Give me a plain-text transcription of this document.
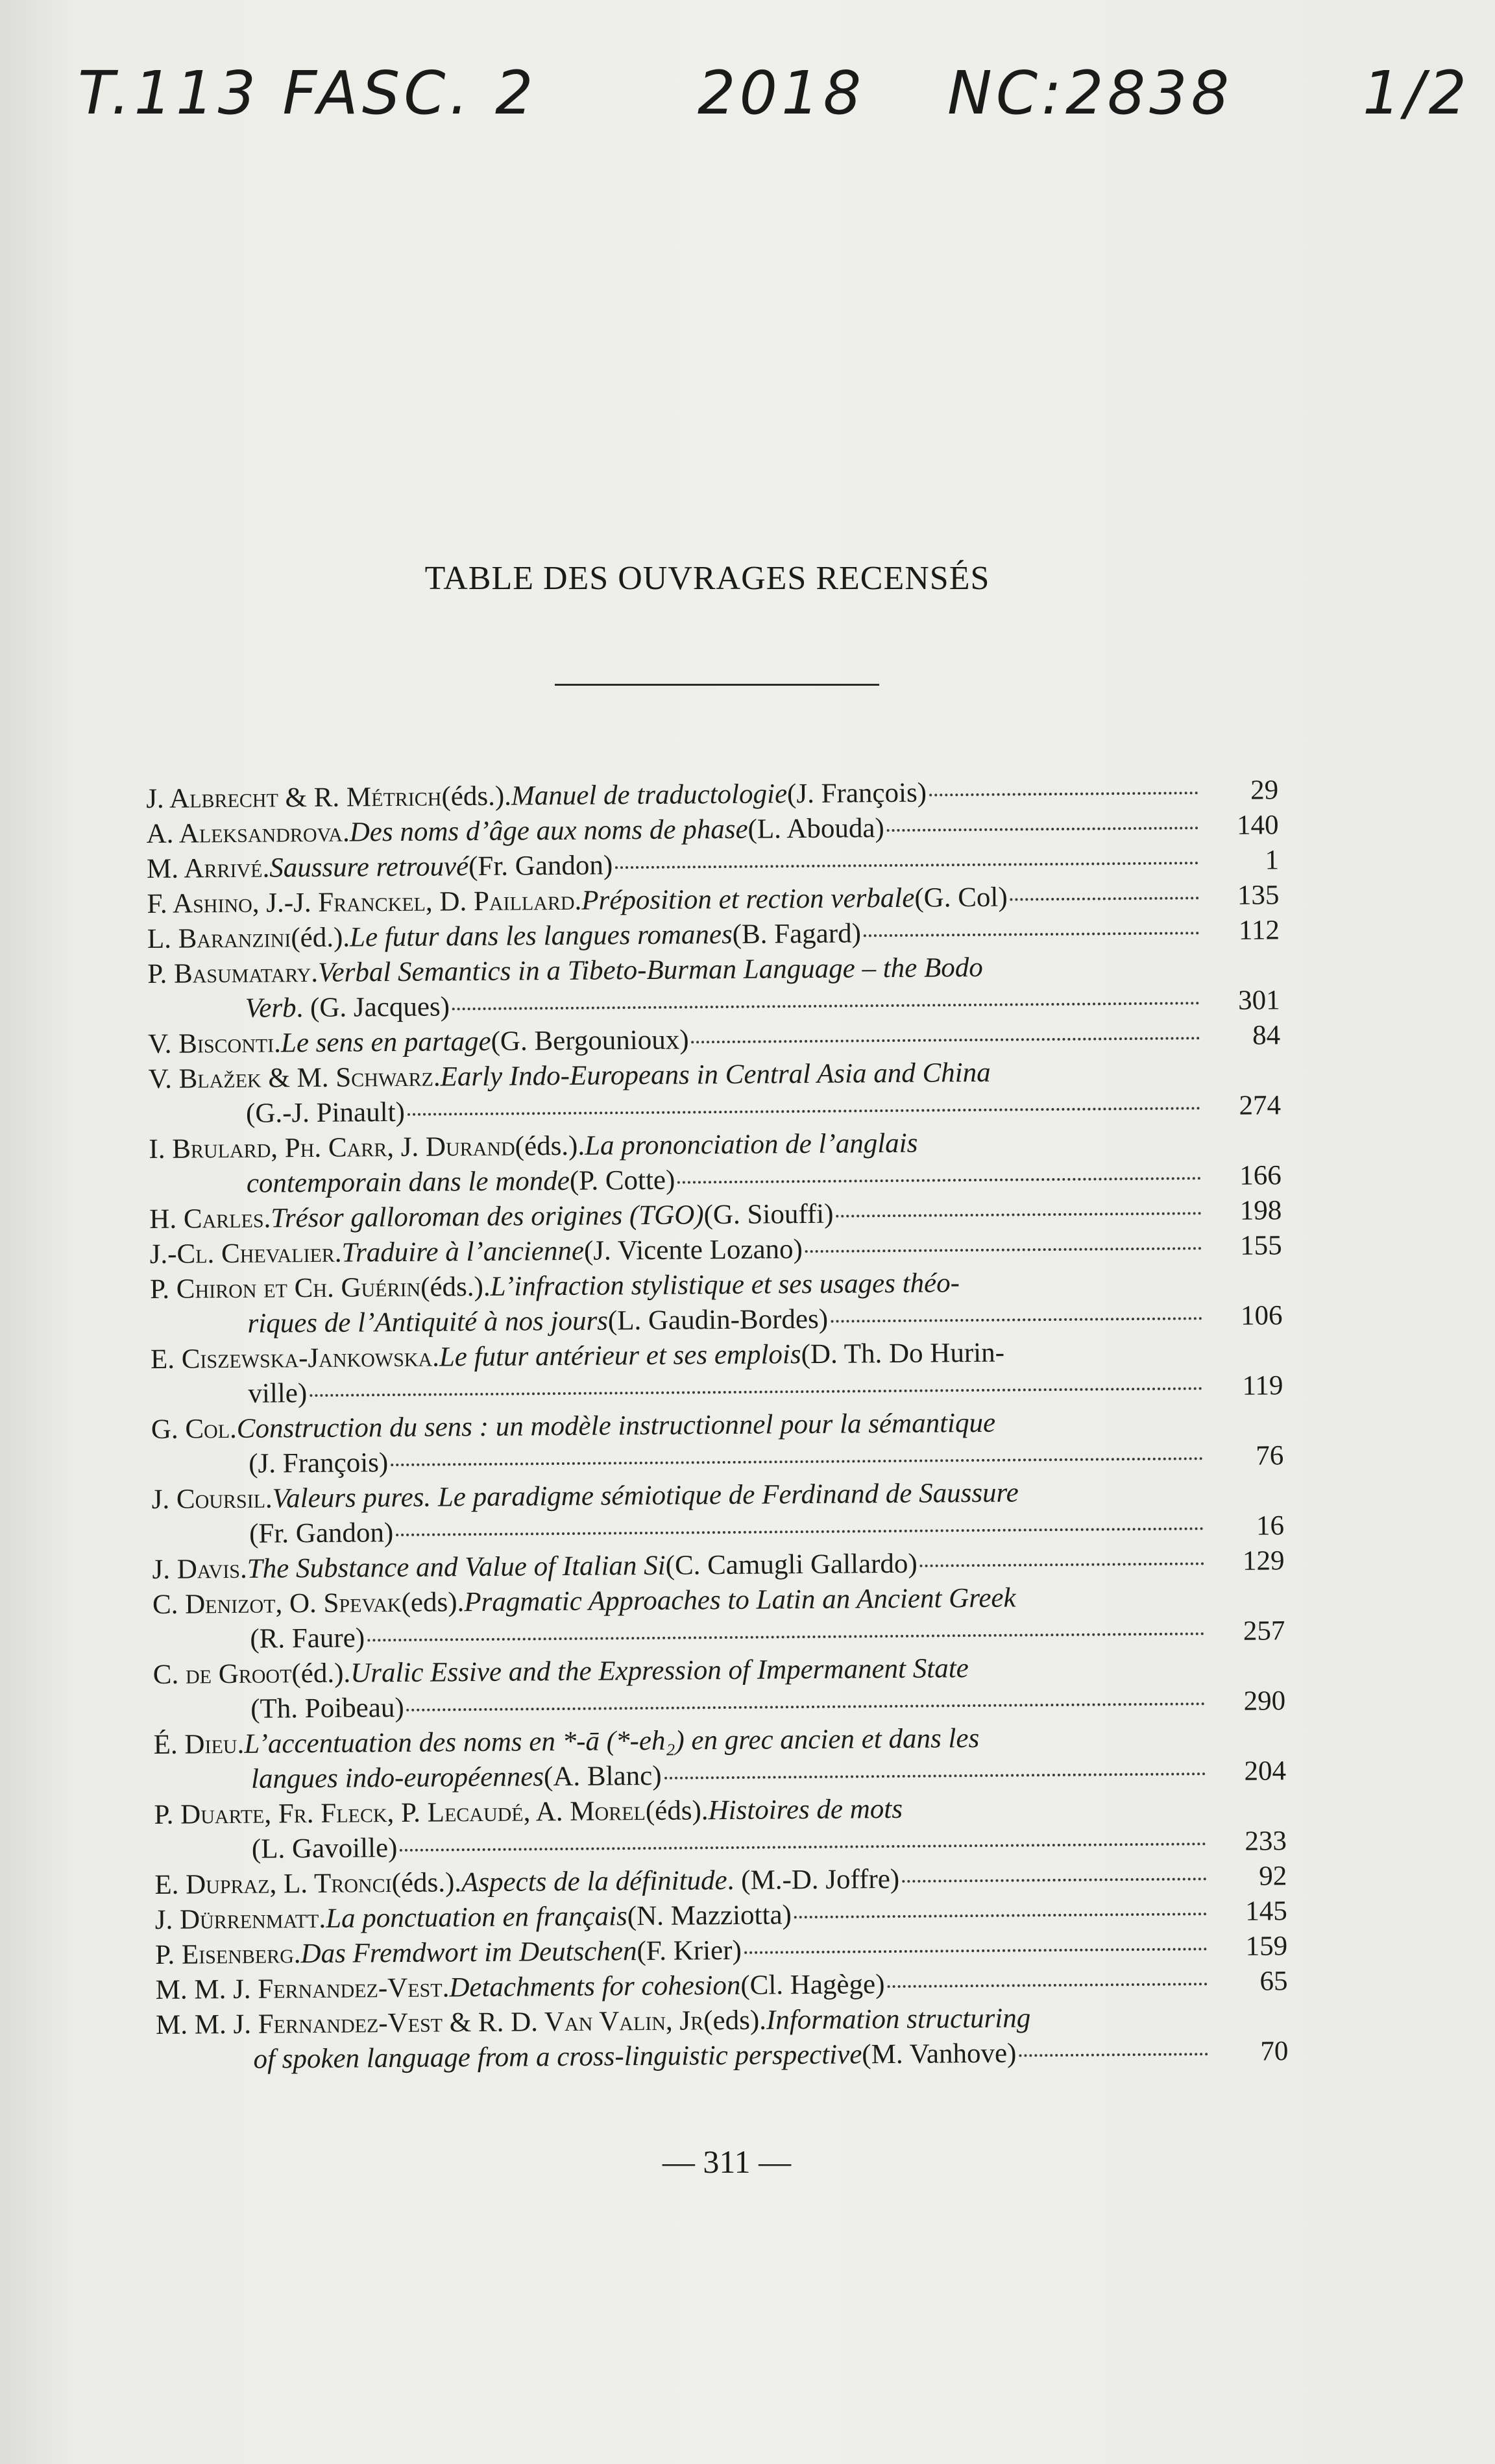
T.113 FASC. 2	2018 NC:2838 1/2
TABLE DES OUVRAGES RECENSÉS
J. Albrecht & R. Métrich (éds.). Manuel de traductologie (J. François)	29
A. Aleksandrova . Des noms d’âge aux noms de phase (L. Abouda)	140
M. Arrivé . Saussure retrouvé (Fr. Gandon)	1
F. Ashino, J.-J. Franckel, D. Paillard . Préposition et rection verbale (G. Col)	135
L. Baranzini (éd.). Le futur dans les langues romanes (B. Fagard)	112
P. Basumatary . Verbal Semantics in a Tibeto-Burman Language – the Bodo
Verb . (G. Jacques)	301
V. Bisconti . Le sens en partage (G. Bergounioux)	84
V. Blažek & M. Schwarz . Early Indo-Europeans in Central Asia and China
(G.-J. Pinault)	274
I. Brulard, Ph. Carr, J. Durand (éds.). La prononciation de l’anglais
contemporain dans le monde (P. Cotte)	166
H. Carles . Trésor galloroman des origines (TGO) (G. Siouffi)	198
J.-Cl. Chevalier . Traduire à l’ancienne (J. Vicente Lozano)	155
P. Chiron et Ch. Guérin (éds.). L’infraction stylistique et ses usages théo-
riques de l’Antiquité à nos jours (L. Gaudin-Bordes)	106
E. Ciszewska-Jankowska . Le futur antérieur et ses emplois (D. Th. Do Hurin-
ville)	119
G. Col . Construction du sens : un modèle instructionnel pour la sémantique
(J. François)	76
J. Coursil . Valeurs pures. Le paradigme sémiotique de Ferdinand de Saussure
(Fr. Gandon)	16
J. Davis . The Substance and Value of Italian Si (C. Camugli Gallardo)	129
C. Denizot, O. Spevak (eds). Pragmatic Approaches to Latin an Ancient Greek
(R. Faure)	257
C. de Groot (éd.). Uralic Essive and the Expression of Impermanent State
(Th. Poibeau)	290
É. Dieu . L’accentuation des noms en *-ā (*-eh₂) en grec ancien et dans les
langues indo-européennes (A. Blanc)	204
P. Duarte, Fr. Fleck, P. Lecaudé, A. Morel (éds). Histoires de mots
(L. Gavoille)	233
E. Dupraz, L. Tronci (éds.). Aspects de la définitude . (M.-D. Joffre)	92
J. Dürrenmatt . La ponctuation en français (N. Mazziotta)	145
P. Eisenberg . Das Fremdwort im Deutschen (F. Krier)	159
M. M. J. Fernandez-Vest . Detachments for cohesion (Cl. Hagège)	65
M. M. J. Fernandez-Vest & R. D. Van Valin, Jr (eds). Information structuring
of spoken language from a cross-linguistic perspective (M. Vanhove)	70
— 311 —
